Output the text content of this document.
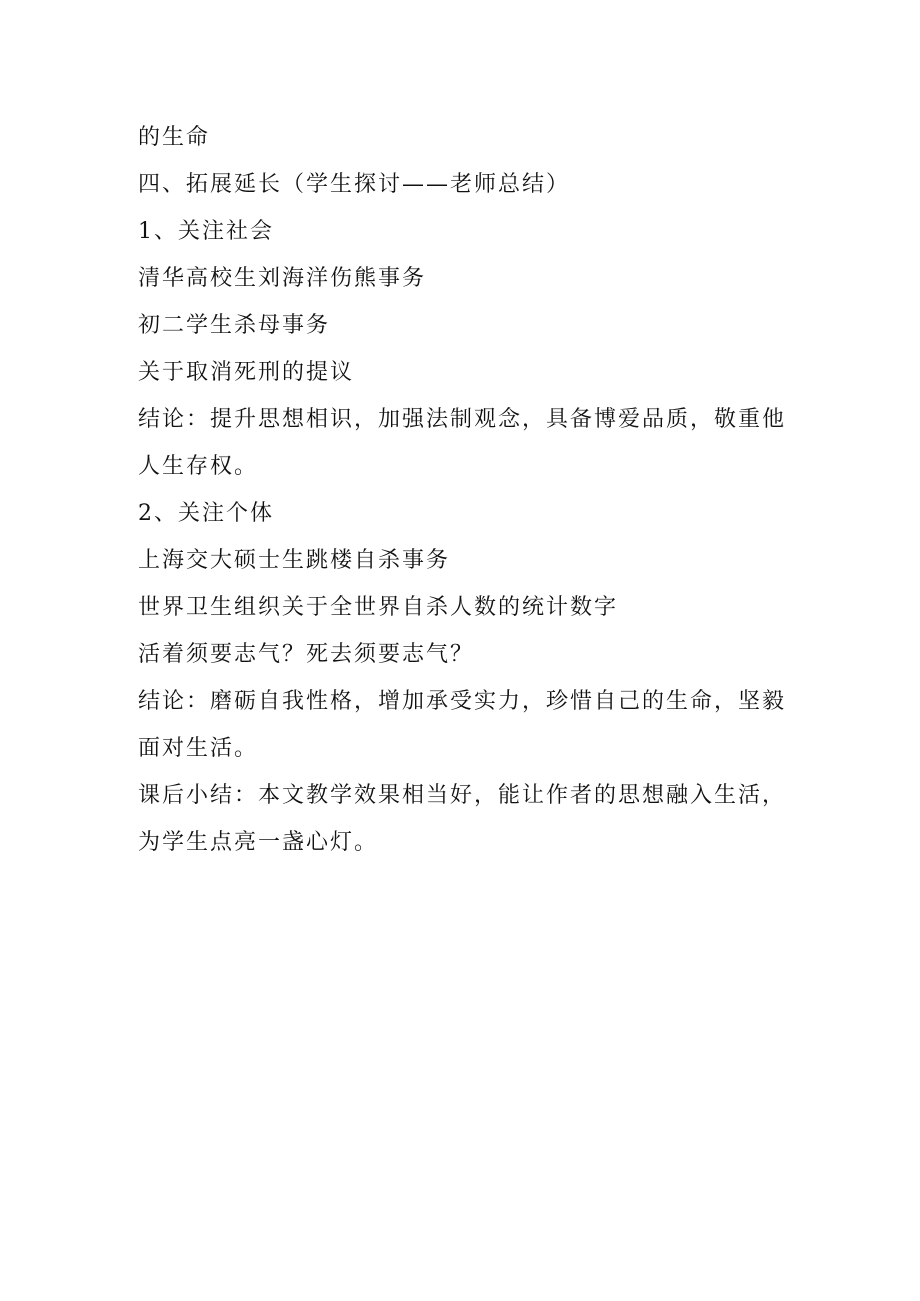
的生命
四、拓展延长（学生探讨——老师总结）
1、关注社会
清华高校生刘海洋伤熊事务
初二学生杀母事务
关于取消死刑的提议
结论：提升思想相识，加强法制观念，具备博爱品质，敬重他
人生存权。
2、关注个体
上海交大硕士生跳楼自杀事务
世界卫生组织关于全世界自杀人数的统计数字
活着须要志气？死去须要志气？
结论：磨砺自我性格，增加承受实力，珍惜自己的生命，坚毅
面对生活。
课后小结：本文教学效果相当好，能让作者的思想融入生活，
为学生点亮一盏心灯。
